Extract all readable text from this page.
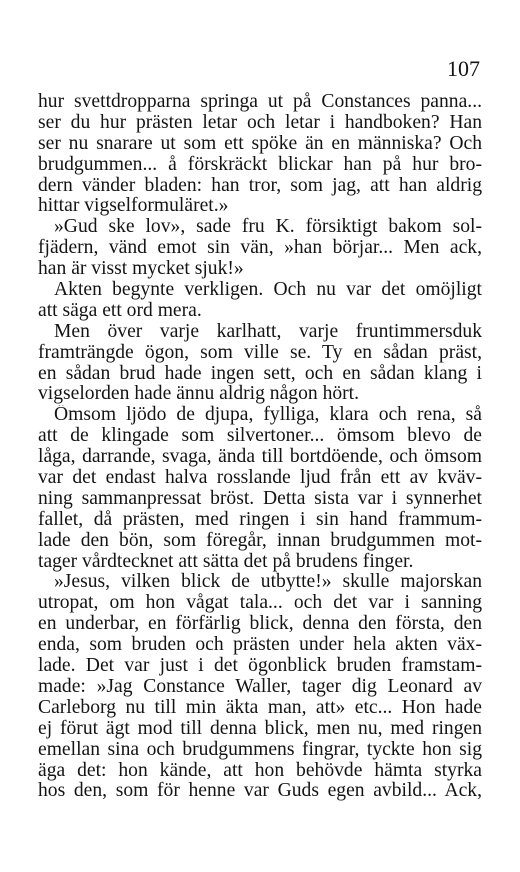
107
hur svettdropparna springa ut på Constances panna...
ser du hur prästen letar och letar i handboken? Han
ser nu snarare ut som ett spöke än en människa? Och
brudgummen... å förskräckt blickar han på hur bro-
dern vänder bladen: han tror, som jag, att han aldrig
hittar vigselformuläret.»
»Gud ske lov», sade fru K. försiktigt bakom sol-
fjädern, vänd emot sin vän, »han börjar... Men ack,
han är visst mycket sjuk!»
Akten begynte verkligen. Och nu var det omöjligt
att säga ett ord mera.
Men över varje karlhatt, varje fruntimmersduk
framträngde ögon, som ville se. Ty en sådan präst,
en sådan brud hade ingen sett, och en sådan klang i
vigselorden hade ännu aldrig någon hört.
Ömsom ljödo de djupa, fylliga, klara och rena, så
att de klingade som silvertoner... ömsom blevo de
låga, darrande, svaga, ända till bortdöende, och ömsom
var det endast halva rosslande ljud från ett av kväv-
ning sammanpressat bröst. Detta sista var i synnerhet
fallet, då prästen, med ringen i sin hand frammum-
lade den bön, som föregår, innan brudgummen mot-
tager vårdtecknet att sätta det på brudens finger.
»Jesus, vilken blick de utbytte!» skulle majorskan
utropat, om hon vågat tala... och det var i sanning
en underbar, en förfärlig blick, denna den första, den
enda, som bruden och prästen under hela akten väx-
lade. Det var just i det ögonblick bruden framstam-
made: »Jag Constance Waller, tager dig Leonard av
Carleborg nu till min äkta man, att» etc... Hon hade
ej förut ägt mod till denna blick, men nu, med ringen
emellan sina och brudgummens fingrar, tyckte hon sig
äga det: hon kände, att hon behövde hämta styrka
hos den, som för henne var Guds egen avbild... Ack,
